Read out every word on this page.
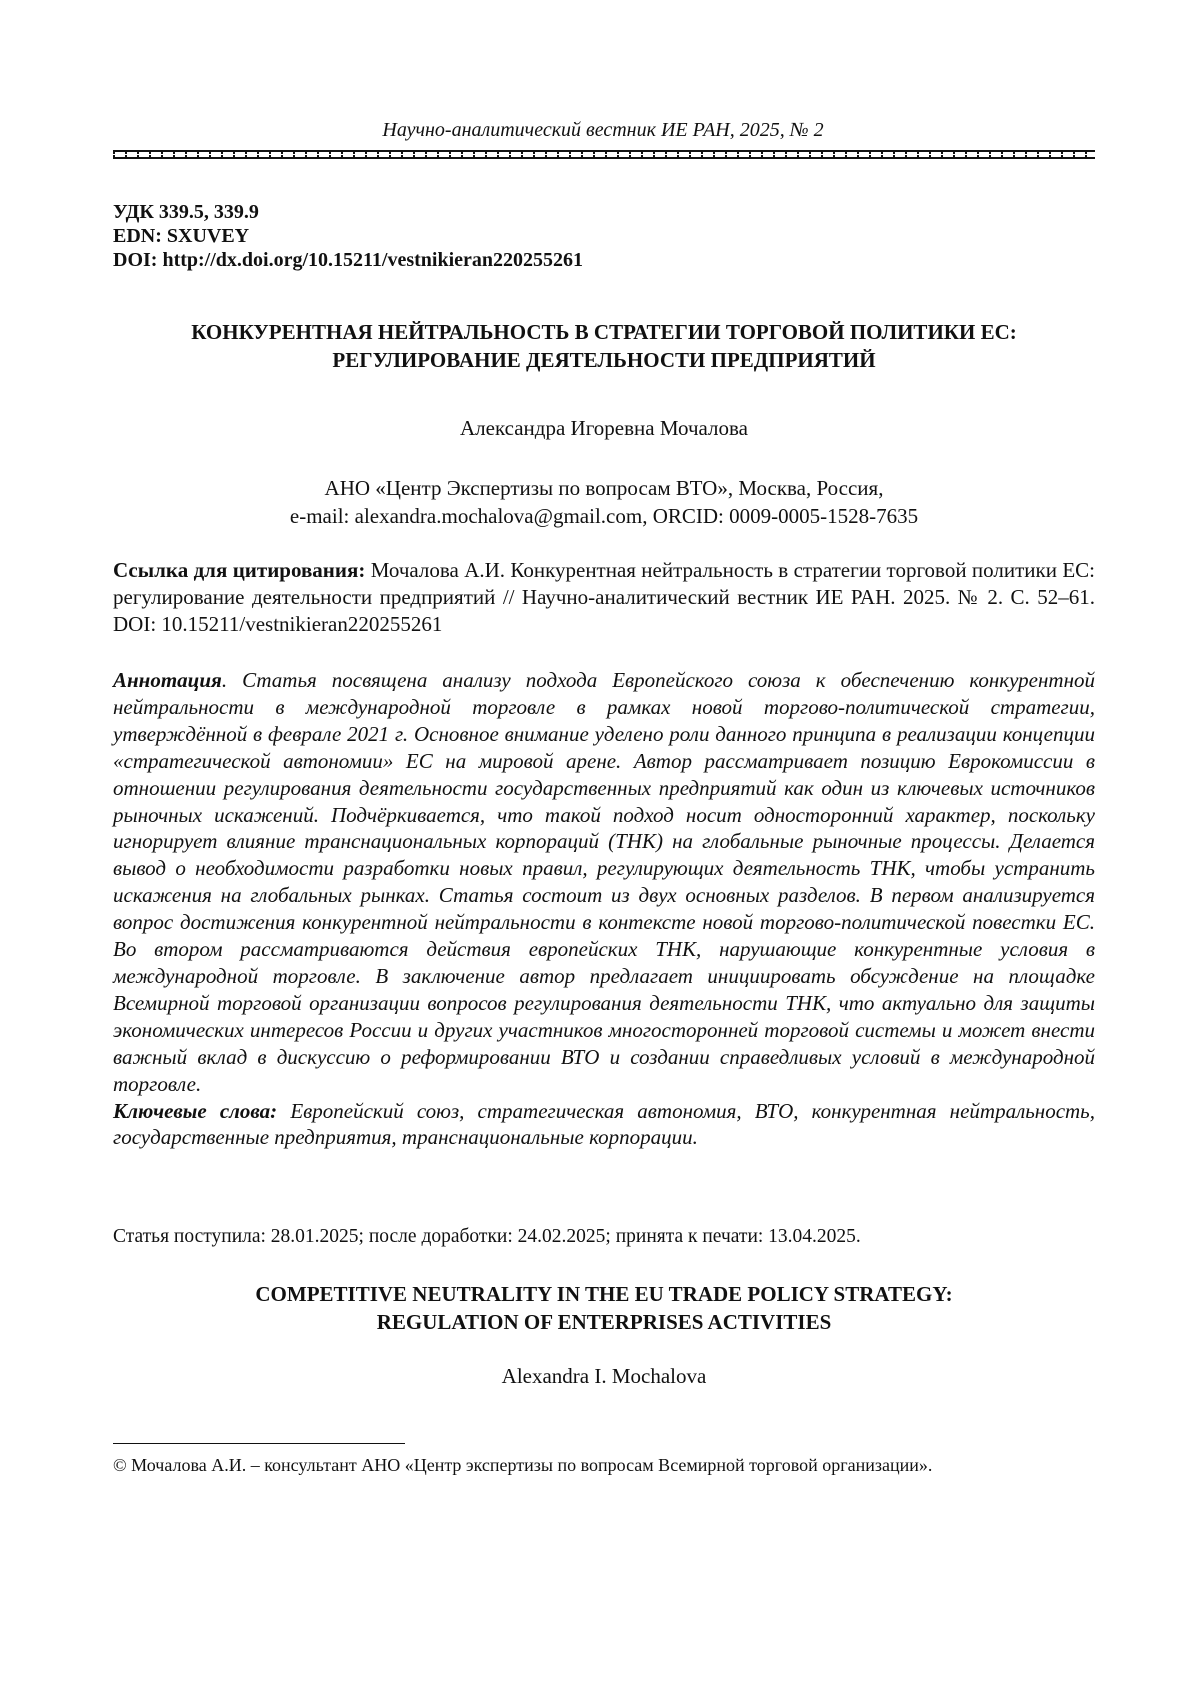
Научно-аналитический вестник ИЕ РАН, 2025, № 2
УДК 339.5, 339.9
EDN: SXUVEY
DOI: http://dx.doi.org/10.15211/vestnikieran220255261
КОНКУРЕНТНАЯ НЕЙТРАЛЬНОСТЬ В СТРАТЕГИИ ТОРГОВОЙ ПОЛИТИКИ ЕС:
РЕГУЛИРОВАНИЕ ДЕЯТЕЛЬНОСТИ ПРЕДПРИЯТИЙ
Александра Игоревна Мочалова
АНО «Центр Экспертизы по вопросам ВТО», Москва, Россия,
e-mail: alexandra.mochalova@gmail.com, ORCID: 0009-0005-1528-7635
Ссылка для цитирования: Мочалова А.И. Конкурентная нейтральность в стратегии торговой политики ЕС: регулирование деятельности предприятий // Научно-аналитический вестник ИЕ РАН. 2025. № 2. С. 52–61. DOI: 10.15211/vestnikieran220255261
Аннотация. Статья посвящена анализу подхода Европейского союза к обеспечению конкурентной нейтральности в международной торговле в рамках новой торгово-политической стратегии, утверждённой в феврале 2021 г. Основное внимание уделено роли данного принципа в реализации концепции «стратегической автономии» ЕС на мировой арене. Автор рассматривает позицию Еврокомиссии в отношении регулирования деятельности государственных предприятий как один из ключевых источников рыночных искажений. Подчёркивается, что такой подход носит односторонний характер, поскольку игнорирует влияние транснациональных корпораций (ТНК) на глобальные рыночные процессы. Делается вывод о необходимости разработки новых правил, регулирующих деятельность ТНК, чтобы устранить искажения на глобальных рынках. Статья состоит из двух основных разделов. В первом анализируется вопрос достижения конкурентной нейтральности в контексте новой торгово-политической повестки ЕС. Во втором рассматриваются действия европейских ТНК, нарушающие конкурентные условия в международной торговле. В заключение автор предлагает инициировать обсуждение на площадке Всемирной торговой организации вопросов регулирования деятельности ТНК, что актуально для защиты экономических интересов России и других участников многосторонней торговой системы и может внести важный вклад в дискуссию о реформировании ВТО и создании справедливых условий в международной торговле.
Ключевые слова: Европейский союз, стратегическая автономия, ВТО, конкурентная нейтральность, государственные предприятия, транснациональные корпорации.
Статья поступила: 28.01.2025; после доработки: 24.02.2025; принята к печати: 13.04.2025.
COMPETITIVE NEUTRALITY IN THE EU TRADE POLICY STRATEGY:
REGULATION OF ENTERPRISES ACTIVITIES
Alexandra I. Mochalova
© Мочалова А.И. – консультант АНО «Центр экспертизы по вопросам Всемирной торговой организации».
